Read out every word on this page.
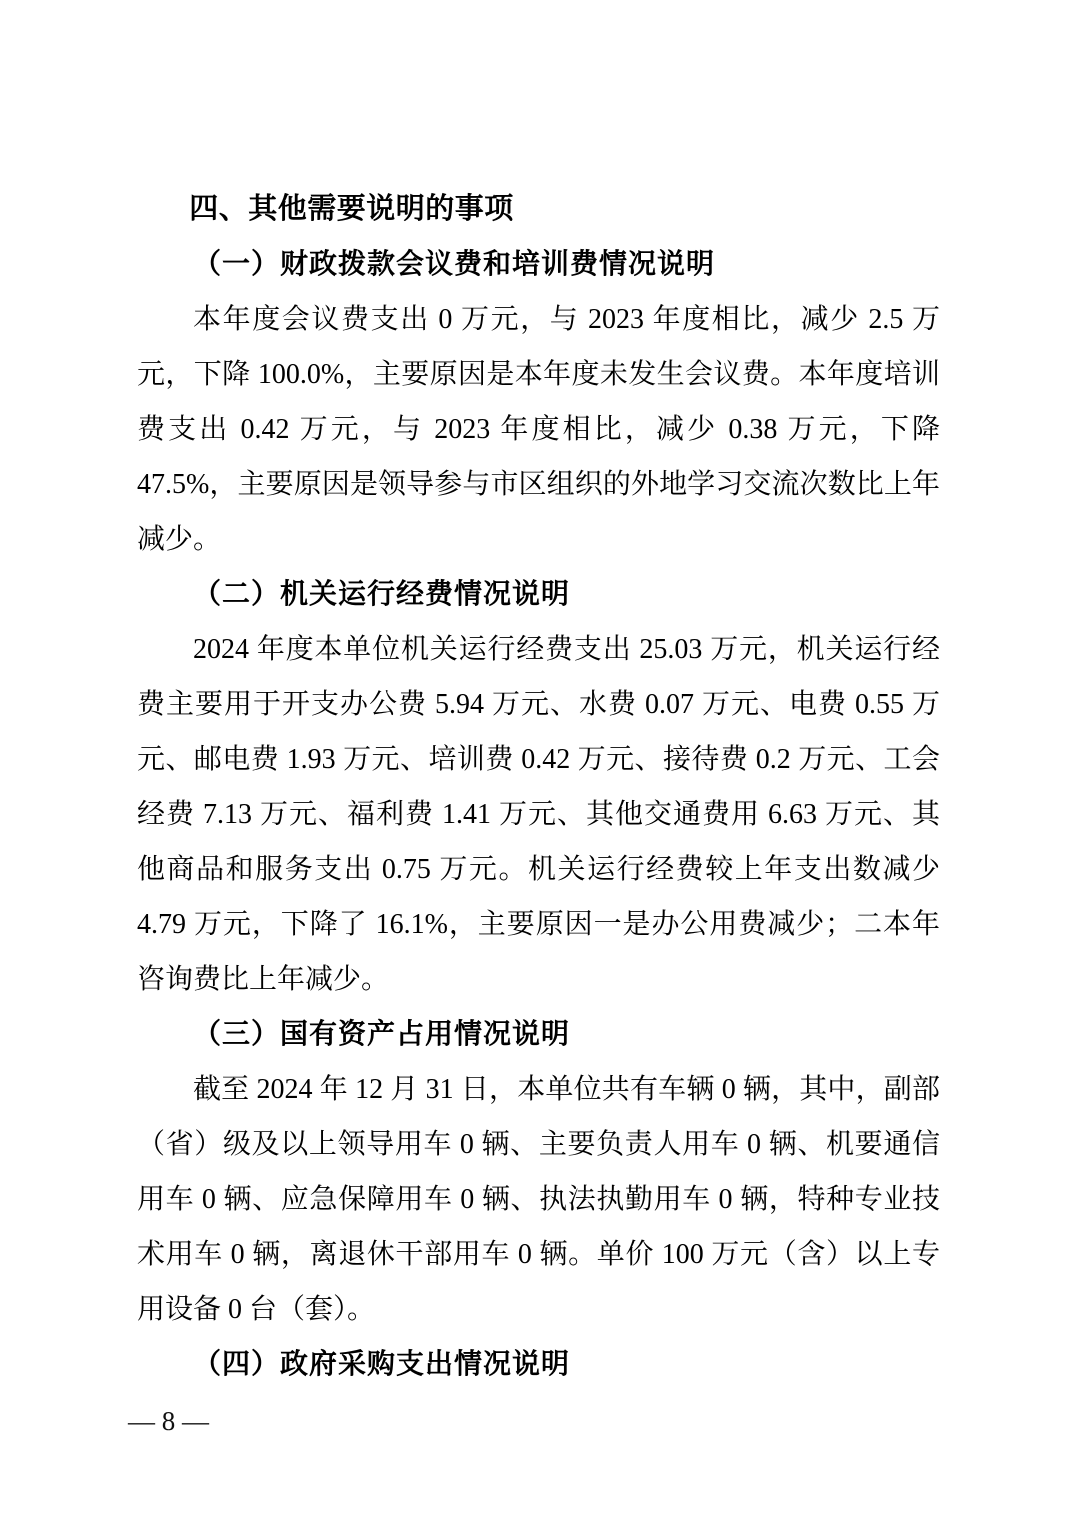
四、其他需要说明的事项
（一）财政拨款会议费和培训费情况说明

本年度会议费支出 0 万元，与 2023 年度相比，减少 2.5 万元，下降 100.0%，主要原因是本年度未发生会议费。本年度培训费支出 0.42 万元，与 2023 年度相比，减少 0.38 万元，下降 47.5%，主要原因是领导参与市区组织的外地学习交流次数比上年减少。

（二）机关运行经费情况说明

2024 年度本单位机关运行经费支出 25.03 万元，机关运行经费主要用于开支办公费 5.94 万元、水费 0.07 万元、电费 0.55 万元、邮电费 1.93 万元、培训费 0.42 万元、接待费 0.2 万元、工会经费 7.13 万元、福利费 1.41 万元、其他交通费用 6.63 万元、其他商品和服务支出 0.75 万元。机关运行经费较上年支出数减少 4.79 万元，下降了 16.1%，主要原因一是办公用费减少；二本年咨询费比上年减少。

（三）国有资产占用情况说明

截至 2024 年 12 月 31 日，本单位共有车辆 0 辆，其中，副部（省）级及以上领导用车 0 辆、主要负责人用车 0 辆、机要通信用车 0 辆、应急保障用车 0 辆、执法执勤用车 0 辆，特种专业技术用车 0 辆，离退休干部用车 0 辆。单价 100 万元（含）以上专用设备 0 台（套）。

（四）政府采购支出情况说明
— 8 —
